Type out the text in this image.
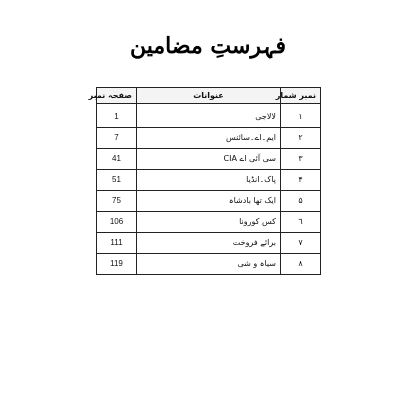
فہرستِ مضامین
نمبر شمار	عنوانات	صفحہ نمبر
١	لالاجی	1
٢	ایم۔اے۔سائنس	7
٣	سی آئی اے CIA	41
۴	پاک۔انڈیا	51
۵	ایک تھا بادشاہ	75
٦	کس کورونا	106
٧	برائے فروخت	111
٨	سیاہ و شی	119
